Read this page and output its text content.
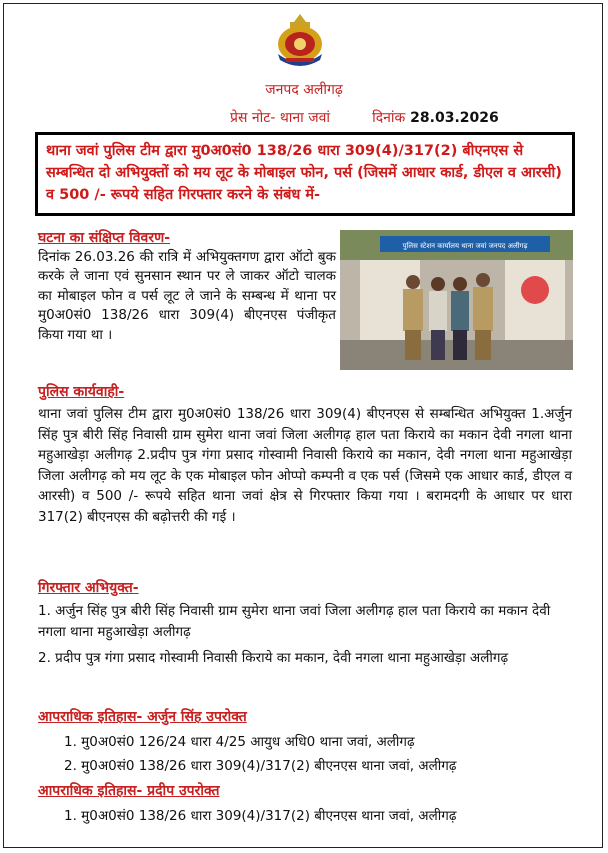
जनपद अलीगढ़
प्रेस नोट- थाना जवां	दिनांक 28.03.2026
थाना जवां पुलिस टीम द्वारा मु0अ0सं0 138/26 धारा 309(4)/317(2) बीएनएस से सम्बन्धित दो अभियुक्तों को मय लूट के मोबाइल फोन, पर्स (जिसमें आधार कार्ड, डीएल व आरसी) व 500 /- रूपये सहित गिरफ्तार करने के संबंध में-
घटना का संक्षिप्त विवरण-
दिनांक 26.03.26 की रात्रि में अभियुक्तगण द्वारा ऑटो बुक करके ले जाना एवं सुनसान स्थान पर ले जाकर ऑटो चालक का मोबाइल फोन व पर्स लूट ले जाने के सम्बन्ध में थाना पर मु0अ0सं0 138/26 धारा 309(4) बीएनएस पंजीकृत किया गया था ।
पुलिस स्टेशन कार्यालय थाना जवां जनपद अलीगढ़
पुलिस कार्यवाही-
थाना जवां पुलिस टीम द्वारा मु0अ0सं0 138/26 धारा 309(4) बीएनएस से सम्बन्धित अभियुक्त 1.अर्जुन सिंह पुत्र बीरी सिंह निवासी ग्राम सुमेरा थाना जवां जिला अलीगढ़ हाल पता किराये का मकान देवी नगला थाना महुआखेड़ा अलीगढ़ 2.प्रदीप पुत्र गंगा प्रसाद गोस्वामी निवासी किराये का मकान, देवी नगला थाना महुआखेड़ा जिला अलीगढ़ को मय लूट के एक मोबाइल फोन ओप्पो कम्पनी व एक पर्स (जिसमे एक आधार कार्ड, डीएल व आरसी) व 500 /- रूपये सहित थाना जवां क्षेत्र से गिरफ्तार किया गया । बरामदगी के आधार पर धारा 317(2) बीएनएस की बढ़ोत्तरी की गई ।
गिरफ्तार अभियुक्त-
1. अर्जुन सिंह पुत्र बीरी सिंह निवासी ग्राम सुमेरा थाना जवां जिला अलीगढ़ हाल पता किराये का मकान देवी नगला थाना महुआखेड़ा अलीगढ़
2. प्रदीप पुत्र गंगा प्रसाद गोस्वामी निवासी किराये का मकान, देवी नगला थाना महुआखेड़ा अलीगढ़
आपराधिक इतिहास- अर्जुन सिंह उपरोक्त
1. मु0अ0सं0 126/24 धारा 4/25 आयुध अधि0 थाना जवां, अलीगढ़
2. मु0अ0सं0 138/26 धारा 309(4)/317(2) बीएनएस थाना जवां, अलीगढ़
आपराधिक इतिहास- प्रदीप उपरोक्त
1. मु0अ0सं0 138/26 धारा 309(4)/317(2) बीएनएस थाना जवां, अलीगढ़
